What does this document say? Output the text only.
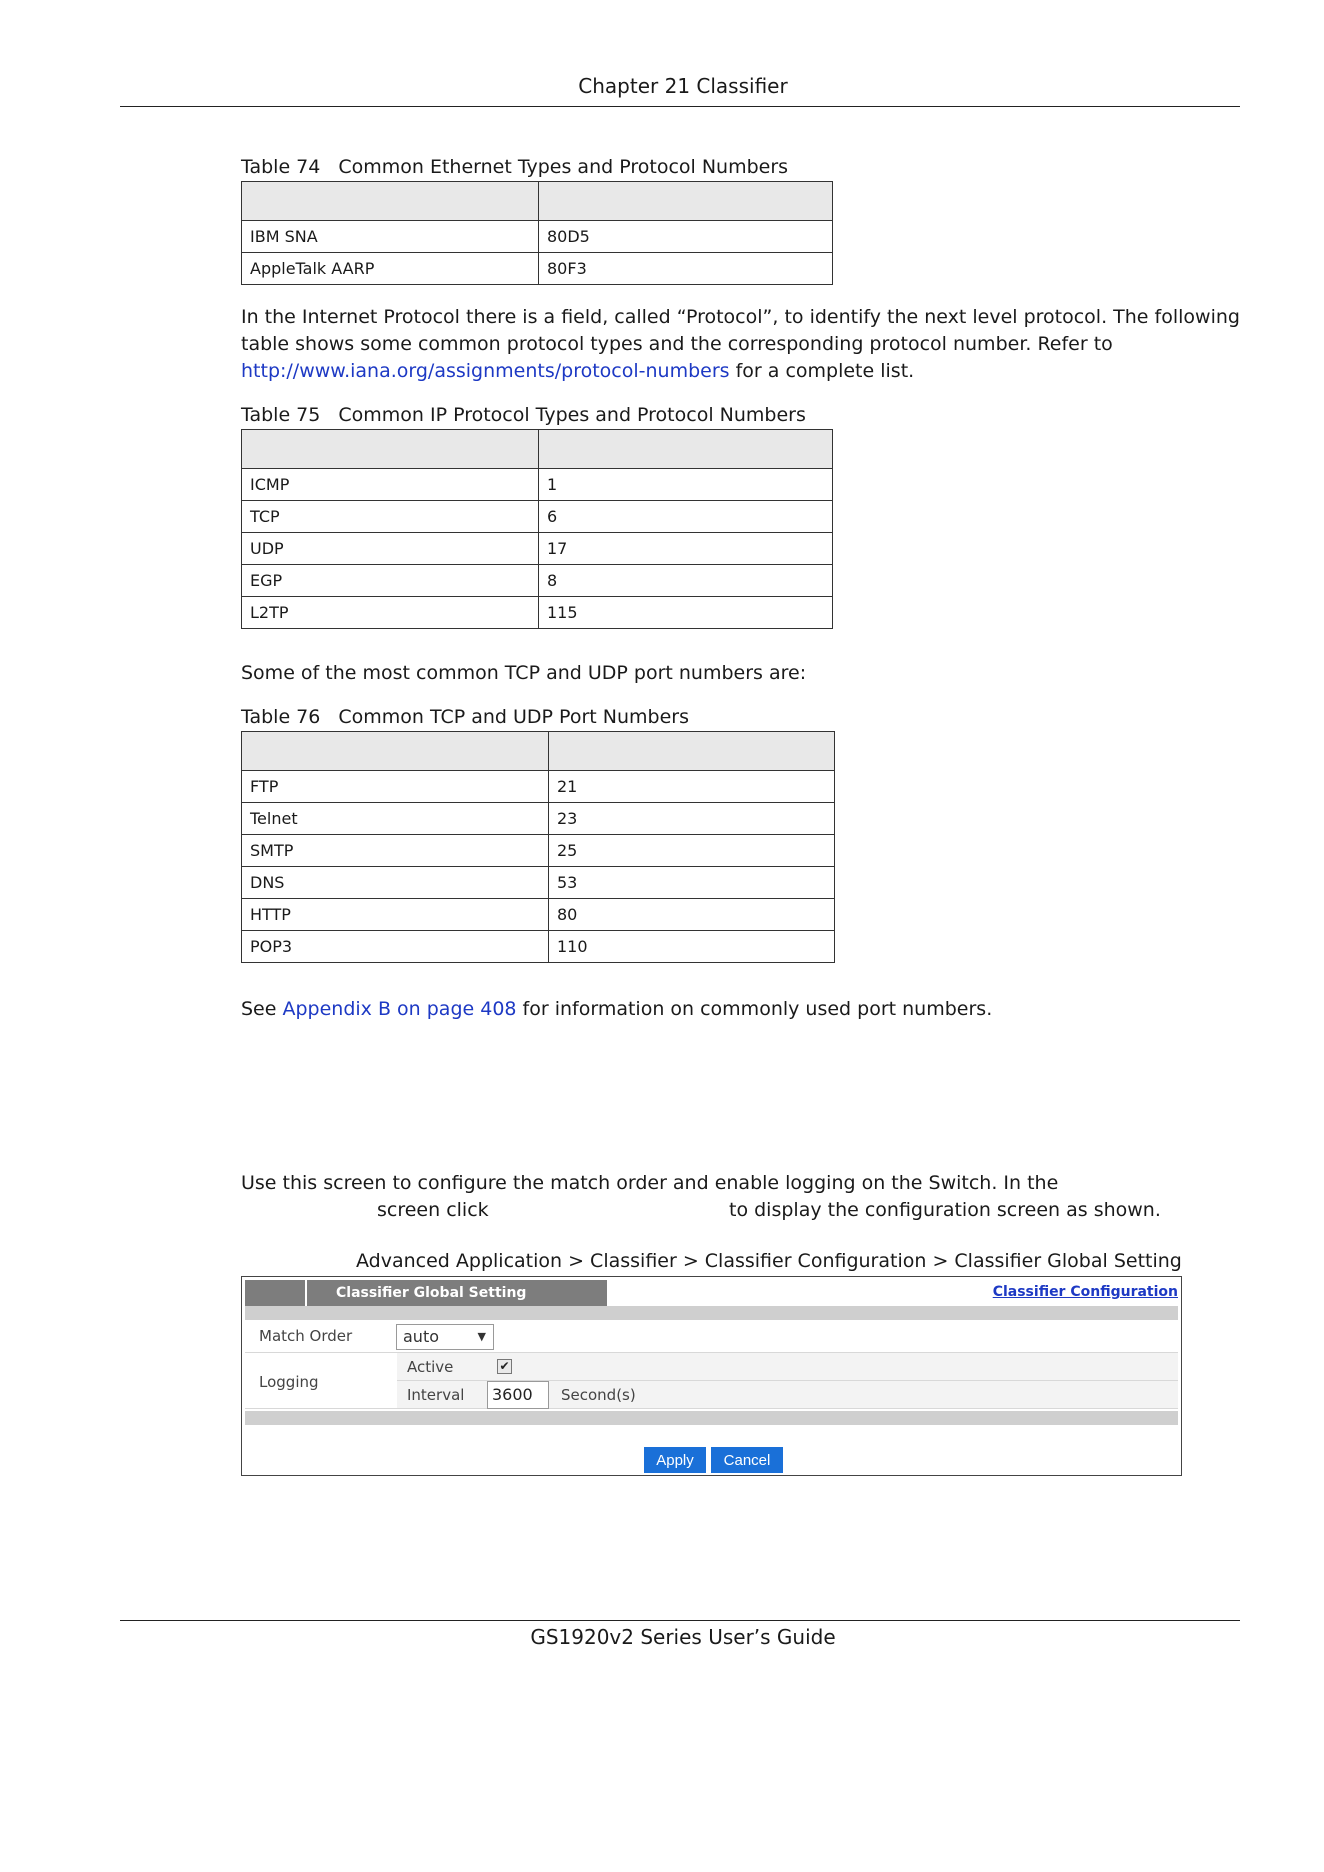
Chapter 21 Classifier
Table 74 Common Ethernet Types and Protocol Numbers

IBM SNA	80D5
AppleTalk AARP	80F3
In the Internet Protocol there is a field, called “Protocol”, to identify the next level protocol. The following table shows some common protocol types and the corresponding protocol number. Refer to http://www.iana.org/assignments/protocol-numbers for a complete list.
Table 75 Common IP Protocol Types and Protocol Numbers

ICMP	1
TCP	6
UDP	17
EGP	8
L2TP	115
Some of the most common TCP and UDP port numbers are:
Table 76 Common TCP and UDP Port Numbers

FTP	21
Telnet	23
SMTP	25
DNS	53
HTTP	80
POP3	110
See Appendix B on page 408 for information on commonly used port numbers.
Use this screen to configure the match order and enable logging on the Switch. In the
screen click	to display the configuration screen as shown.
Advanced Application > Classifier > Classifier Configuration > Classifier Global Setting
Classifier Global Setting	Classifier Configuration
Match Order	auto	▼
Logging
Active	✔
Interval	3600	Second(s)
Apply	Cancel
GS1920v2 Series User’s Guide
